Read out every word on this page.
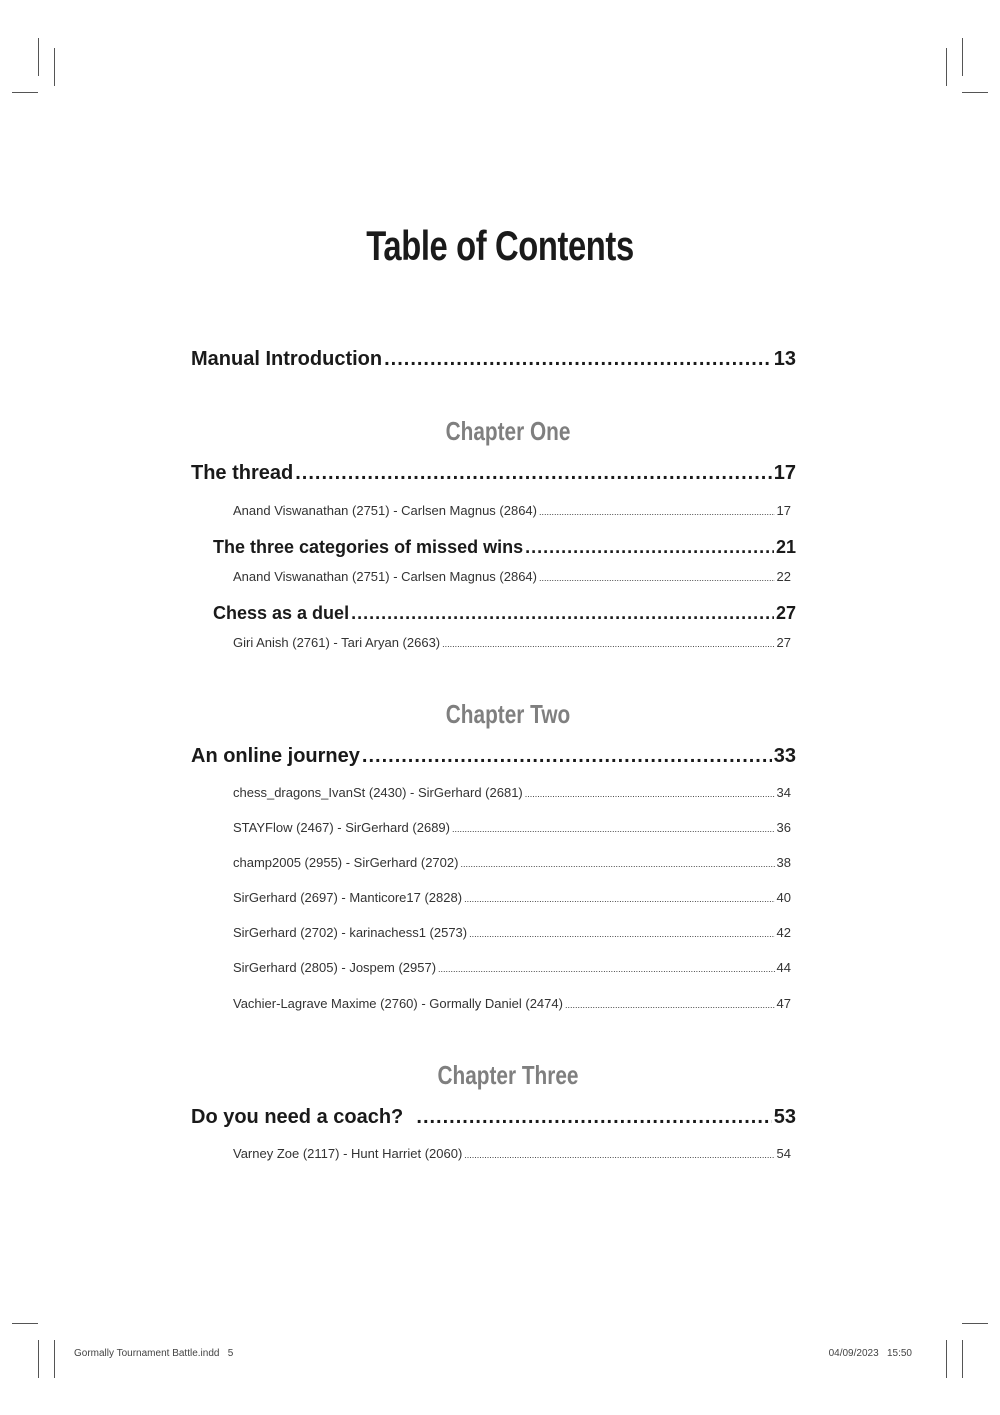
Table of Contents
Manual Introduction .....	13
Chapter One
The thread .....	17
Anand Viswanathan (2751) - Carlsen Magnus (2864) .....	17
The three categories of missed wins .....	21
Anand Viswanathan (2751) - Carlsen Magnus (2864) .....	22
Chess as a duel .....	27
Giri Anish (2761) - Tari Aryan (2663) .....	27
Chapter Two
An online journey .....	33
chess_dragons_IvanSt (2430) - SirGerhard (2681) .....	34
STAYFlow (2467) - SirGerhard (2689) .....	36
champ2005 (2955) - SirGerhard (2702) .....	38
SirGerhard (2697) - Manticore17 (2828) .....	40
SirGerhard (2702) - karinachess1 (2573) .....	42
SirGerhard (2805) - Jospem (2957) .....	44
Vachier-Lagrave Maxime (2760) - Gormally Daniel (2474) .....	47
Chapter Three
Do you need a coach? .....	53
Varney Zoe (2117) - Hunt Harriet (2060) .....	54
Gormally Tournament Battle.indd   5	04/09/2023   15:50
